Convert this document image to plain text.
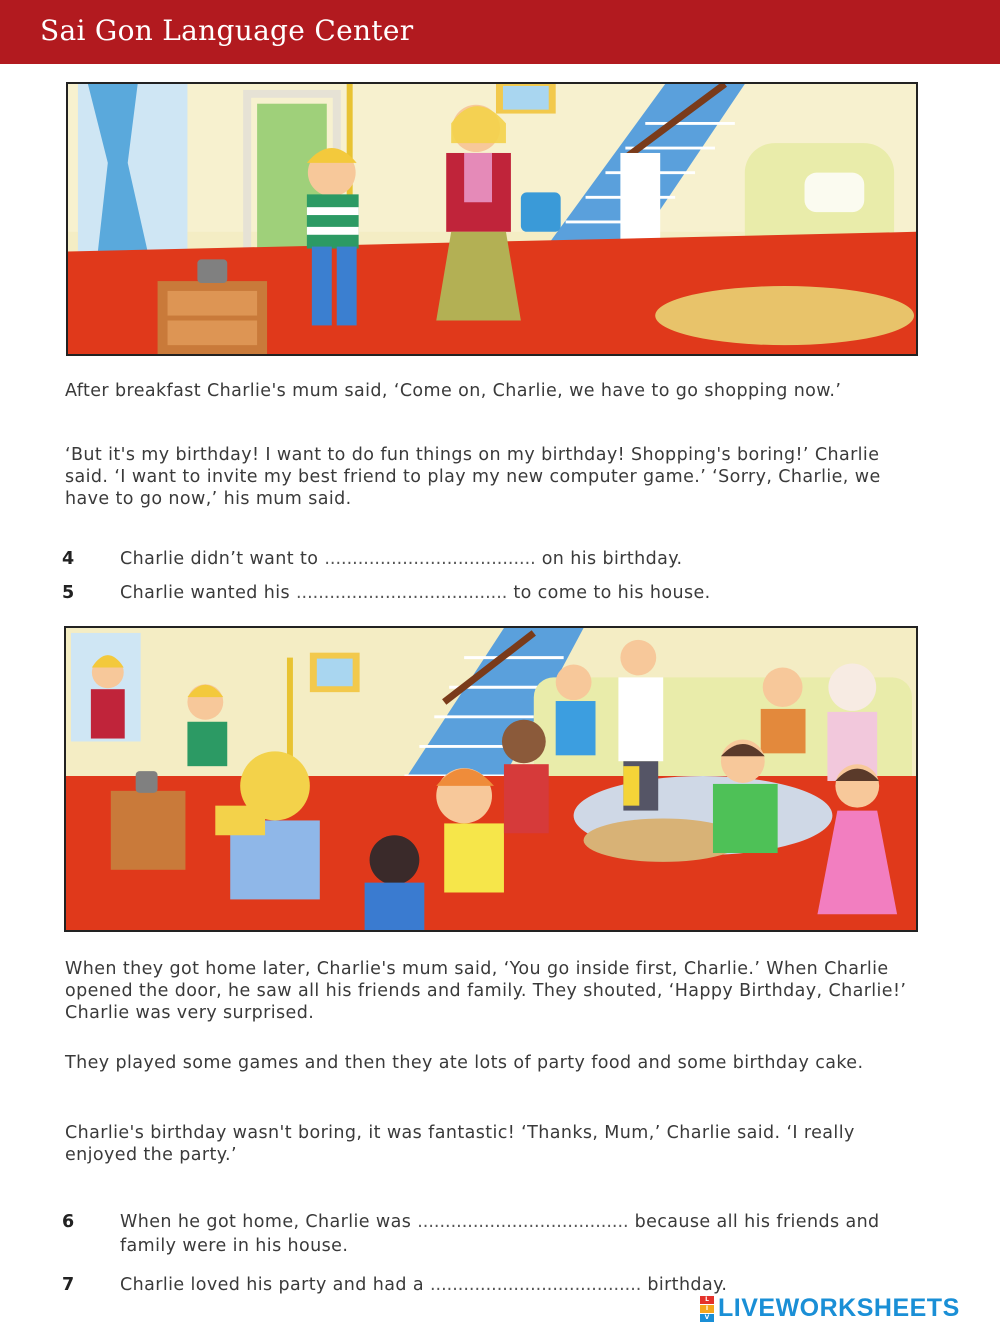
Sai Gon Language Center

After breakfast Charlie's mum said, ‘Come on, Charlie, we have to go shopping now.’

‘But it's my birthday! I want to do fun things on my birthday! Shopping's boring!’ Charlie said. ‘I want to invite my best friend to play my new computer game.’ ‘Sorry, Charlie, we have to go now,’ his mum said.

4	Charlie didn’t want to ...................................... on his birthday.
5	Charlie wanted his ...................................... to come to his house.

When they got home later, Charlie's mum said, ‘You go inside first, Charlie.’ When Charlie opened the door, he saw all his friends and family. They shouted, ‘Happy Birthday, Charlie!’ Charlie was very surprised.

They played some games and then they ate lots of party food and some birthday cake.

Charlie's birthday wasn't boring, it was fantastic! ‘Thanks, Mum,’ Charlie said. ‘I really enjoyed the party.’

6	When he got home, Charlie was ...................................... because all his friends and family were in his house.
7	Charlie loved his party and had a ...................................... birthday.
L
I
V LIVEWORKSHEETS
